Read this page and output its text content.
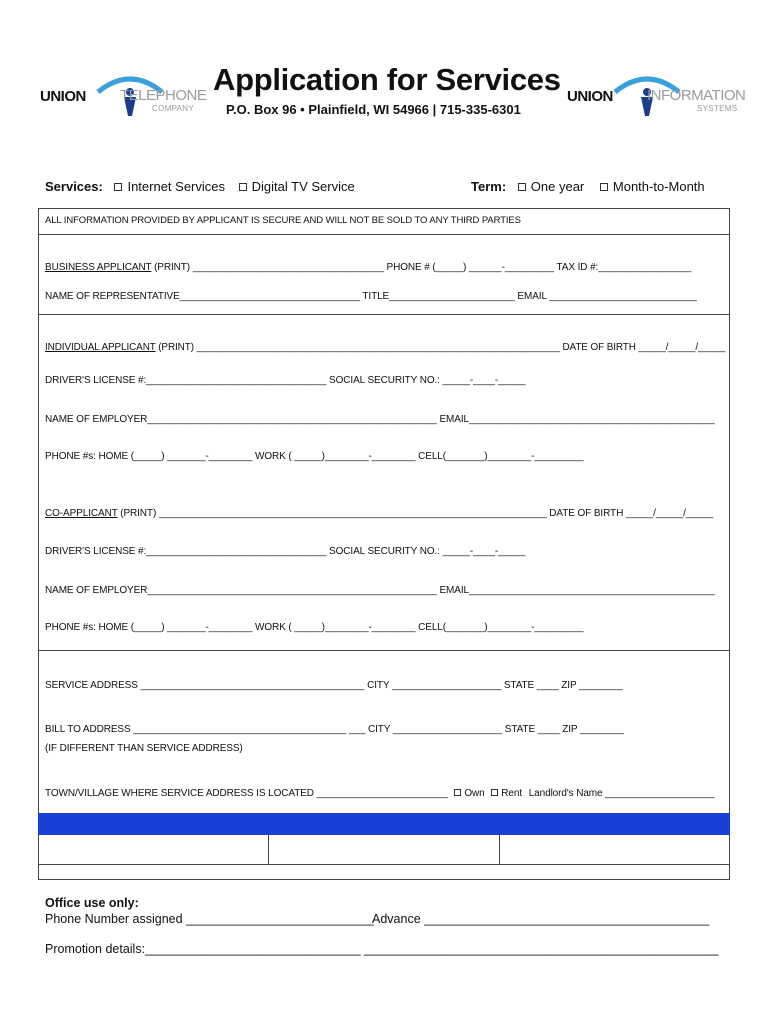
UNION TELEPHONE
COMPANY
Application for Services
P.O. Box 96 • Plainfield, WI 54966 | 715-335-6301
UNION INFORMATION
SYSTEMS
Services: Internet Services Digital TV Service	Term: One year Month-to-Month
ALL INFORMATION PROVIDED BY APPLICANT IS SECURE AND WILL NOT BE SOLD TO ANY THIRD PARTIES
BUSINESS APPLICANT (PRINT) ___________________________________ PHONE # (_____) ______-_________ TAX ID #:_________________
NAME OF REPRESENTATIVE_________________________________ TITLE_______________________ EMAIL ___________________________
INDIVIDUAL APPLICANT (PRINT) ___________________________________________________________________ DATE OF BIRTH _____/_____/_____
DRIVER'S LICENSE #:_________________________________ SOCIAL SECURITY NO.: _____-____-_____
NAME OF EMPLOYER_____________________________________________________ EMAIL_____________________________________________
PHONE #s: HOME (_____) _______-________ WORK ( _____)________-________ CELL(_______)________-_________
CO-APPLICANT (PRINT) _______________________________________________________________________ DATE OF BIRTH _____/_____/_____
DRIVER'S LICENSE #:_________________________________ SOCIAL SECURITY NO.: _____-____-_____
NAME OF EMPLOYER_____________________________________________________ EMAIL_____________________________________________
PHONE #s: HOME (_____) _______-________ WORK ( _____)________-________ CELL(_______)________-_________
SERVICE ADDRESS _________________________________________ CITY ____________________ STATE ____ ZIP ________
BILL TO ADDRESS _______________________________________ ___ CITY ____________________ STATE ____ ZIP ________
(IF DIFFERENT THAN SERVICE ADDRESS)
TOWN/VILLAGE WHERE SERVICE ADDRESS IS LOCATED ________________________ Own Rent Landlord's Name ____________________
Office use only:
Phone Number assigned ___________________________
Advance _________________________________________
Promotion details:_______________________________ ___________________________________________________
